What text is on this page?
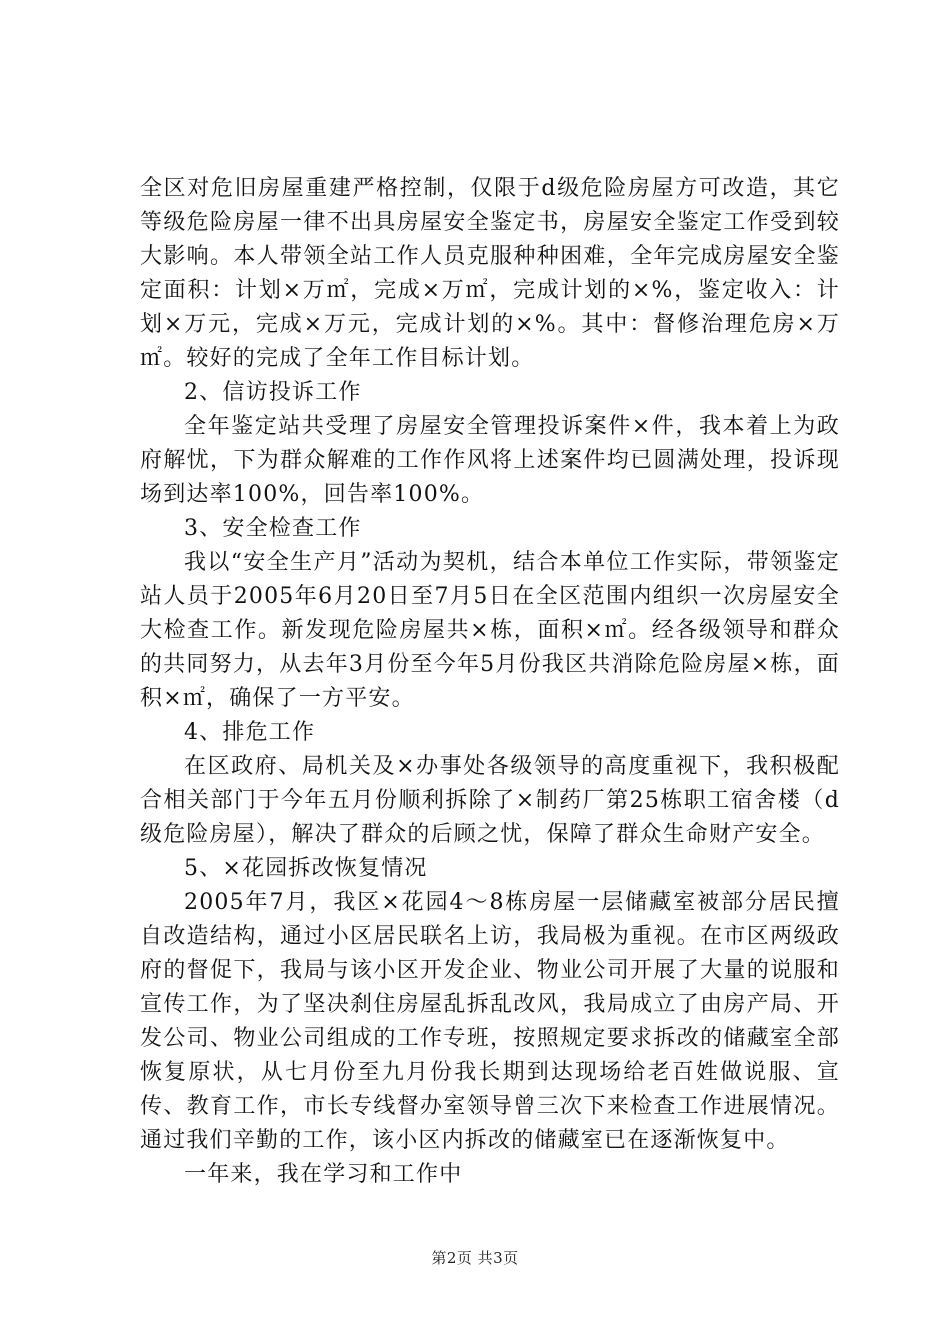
全区对危旧房屋重建严格控制，仅限于d级危险房屋方可改造，其它等级危险房屋一律不出具房屋安全鉴定书，房屋安全鉴定工作受到较大影响。本人带领全站工作人员克服种种困难，全年完成房屋安全鉴定面积：计划×万㎡，完成×万㎡，完成计划的×%，鉴定收入：计划×万元，完成×万元，完成计划的×%。其中：督修治理危房×万㎡。较好的完成了全年工作目标计划。

2、信访投诉工作

全年鉴定站共受理了房屋安全管理投诉案件×件，我本着上为政府解忧，下为群众解难的工作作风将上述案件均已圆满处理，投诉现场到达率100%，回告率100%。

3、安全检查工作

我以“安全生产月”活动为契机，结合本单位工作实际，带领鉴定站人员于2005年6月20日至7月5日在全区范围内组织一次房屋安全大检查工作。新发现危险房屋共×栋，面积×㎡。经各级领导和群众的共同努力，从去年3月份至今年5月份我区共消除危险房屋×栋，面积×㎡，确保了一方平安。

4、排危工作

在区政府、局机关及×办事处各级领导的高度重视下，我积极配合相关部门于今年五月份顺利拆除了×制药厂第25栋职工宿舍楼（d级危险房屋），解决了群众的后顾之忧，保障了群众生命财产安全。

5、×花园拆改恢复情况

2005年7月，我区×花园4～8栋房屋一层储藏室被部分居民擅自改造结构，通过小区居民联名上访，我局极为重视。在市区两级政府的督促下，我局与该小区开发企业、物业公司开展了大量的说服和宣传工作，为了坚决刹住房屋乱拆乱改风，我局成立了由房产局、开发公司、物业公司组成的工作专班，按照规定要求拆改的储藏室全部恢复原状，从七月份至九月份我长期到达现场给老百姓做说服、宣传、教育工作，市长专线督办室领导曾三次下来检查工作进展情况。通过我们辛勤的工作，该小区内拆改的储藏室已在逐渐恢复中。

一年来，我在学习和工作中

第2页 共3页
